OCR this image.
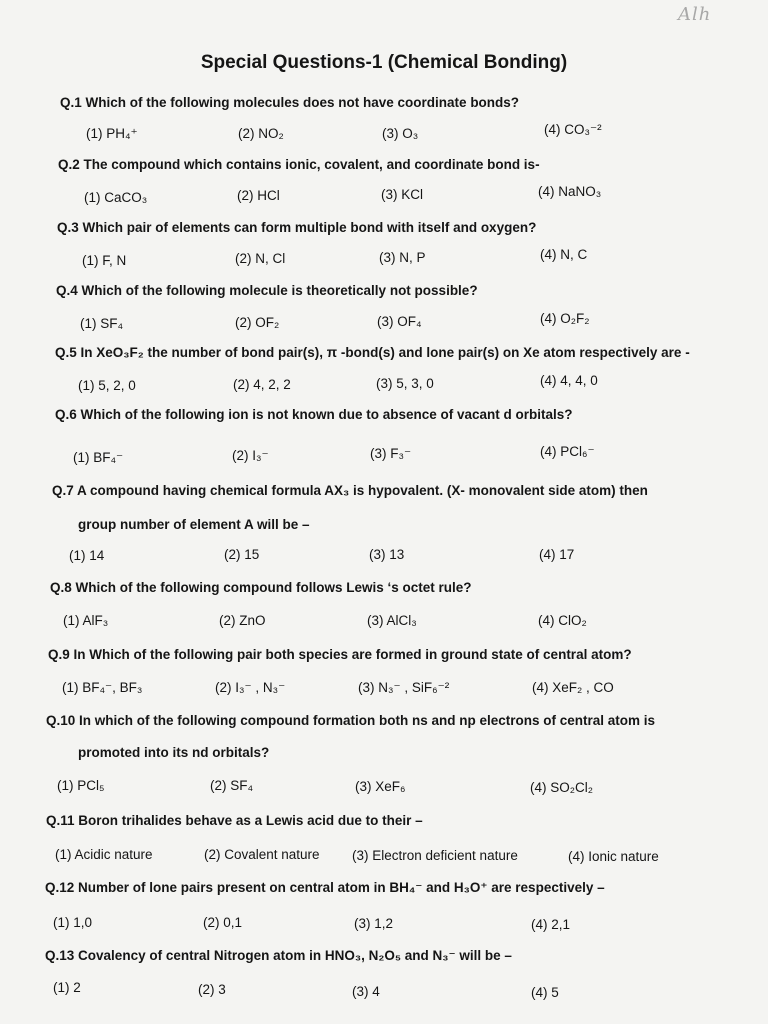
Alh
Special Questions-1 (Chemical Bonding)
Q.1 Which of the following molecules does not have coordinate bonds?
(1) PH₄⁺	(2) NO₂	(3) O₃	(4) CO₃⁻²
Q.2 The compound which contains ionic, covalent, and coordinate bond is-
(1) CaCO₃	(2) HCl	(3) KCl	(4) NaNO₃
Q.3 Which pair of elements can form multiple bond with itself and oxygen?
(1) F, N	(2) N, Cl	(3) N, P	(4) N, C
Q.4 Which of the following molecule is theoretically not possible?
(1) SF₄	(2) OF₂	(3) OF₄	(4) O₂F₂
Q.5 In XeO₃F₂ the number of bond pair(s), π -bond(s) and lone pair(s) on Xe atom respectively are -
(1) 5, 2, 0	(2) 4, 2, 2	(3) 5, 3, 0	(4) 4, 4, 0
Q.6 Which of the following ion is not known due to absence of vacant d orbitals?
(1) BF₄⁻	(2) I₃⁻	(3) F₃⁻	(4) PCl₆⁻
Q.7 A compound having chemical formula AX₃ is hypovalent. (X- monovalent side atom) then
group number of element A will be –
(1) 14	(2) 15	(3) 13	(4) 17
Q.8 Which of the following compound follows Lewis ‘s octet rule?
(1) AlF₃	(2) ZnO	(3) AlCl₃	(4) ClO₂
Q.9 In Which of the following pair both species are formed in ground state of central atom?
(1) BF₄⁻, BF₃	(2) I₃⁻ , N₃⁻	(3) N₃⁻ , SiF₆⁻²	(4) XeF₂ , CO
Q.10 In which of the following compound formation both ns and np electrons of central atom is
promoted into its nd orbitals?
(1) PCl₅	(2) SF₄	(3) XeF₆	(4) SO₂Cl₂
Q.11 Boron trihalides behave as a Lewis acid due to their –
(1) Acidic nature	(2) Covalent nature (3) Electron deficient nature	(4) Ionic nature
Q.12 Number of lone pairs present on central atom in BH₄⁻ and H₃O⁺ are respectively –
(1) 1,0	(2) 0,1	(3) 1,2	(4) 2,1
Q.13 Covalency of central Nitrogen atom in HNO₃, N₂O₅ and N₃⁻ will be –
(1) 2	(2) 3	(3) 4	(4) 5
